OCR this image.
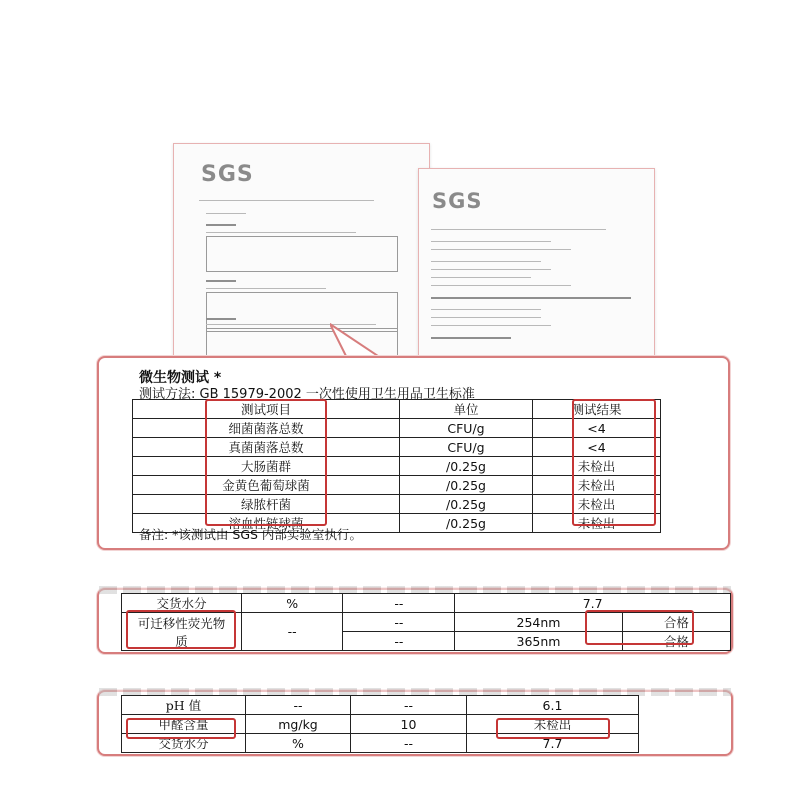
SGS
SGS
微生物测试 *
测试方法: GB 15979-2002 一次性使用卫生用品卫生标准
测试项目	单位	测试结果
细菌菌落总数	CFU/g	<4
真菌菌落总数	CFU/g	<4
大肠菌群	/0.25g	未检出
金黄色葡萄球菌	/0.25g	未检出
绿脓杆菌	/0.25g	未检出
溶血性链球菌	/0.25g	未检出
备注: *该测试由 SGS 内部实验室执行。
交货水分	%	--	7.7	
可迁移性荧光物
质	--	--	254nm	合格
		--	365nm	合格
pH 值	--	--	6.1
甲醛含量	mg/kg	10	未检出
交货水分	%	--	7.7
